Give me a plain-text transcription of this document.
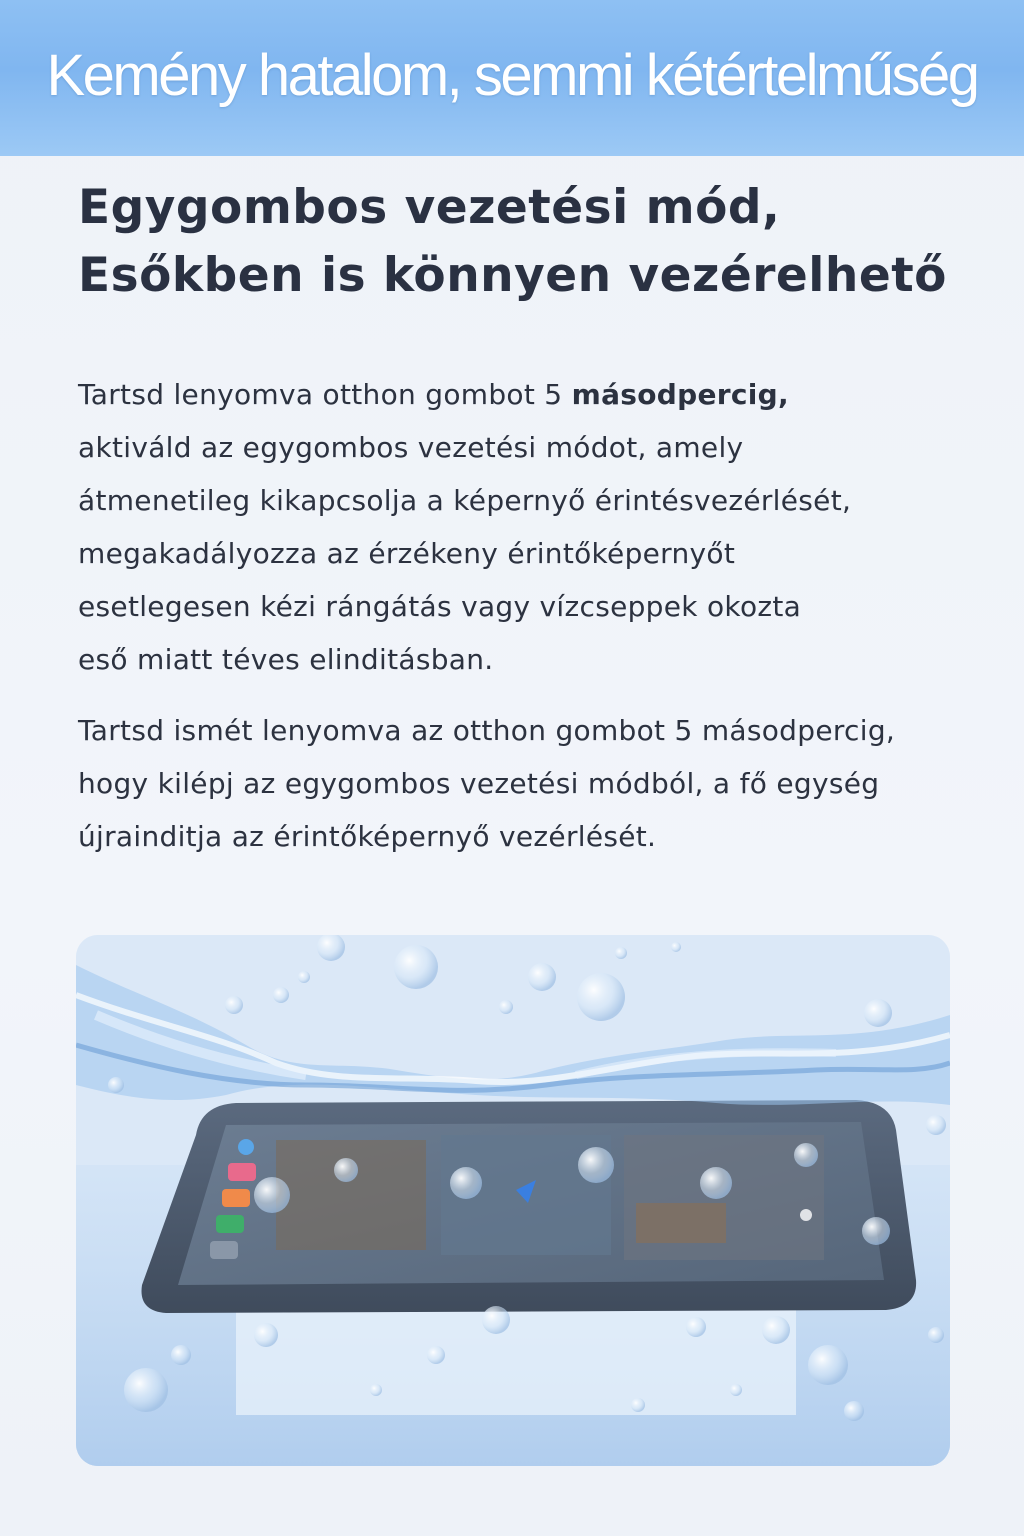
Kemény hatalom, semmi kétértelműség
Egygombos vezetési mód,
Esőkben is könnyen vezérelhető
Tartsd lenyomva otthon gombot 5 másodpercig,
aktiváld az egygombos vezetési módot, amely
átmenetileg kikapcsolja a képernyő érintésvezérlését,
megakadályozza az érzékeny érintőképernyőt
esetlegesen kézi rángátás vagy vízcseppek okozta
eső miatt téves elinditásban.
Tartsd ismét lenyomva az otthon gombot 5 másodpercig,
hogy kilépj az egygombos vezetési módból, a fő egység
újrainditja az érintőképernyő vezérlését.
